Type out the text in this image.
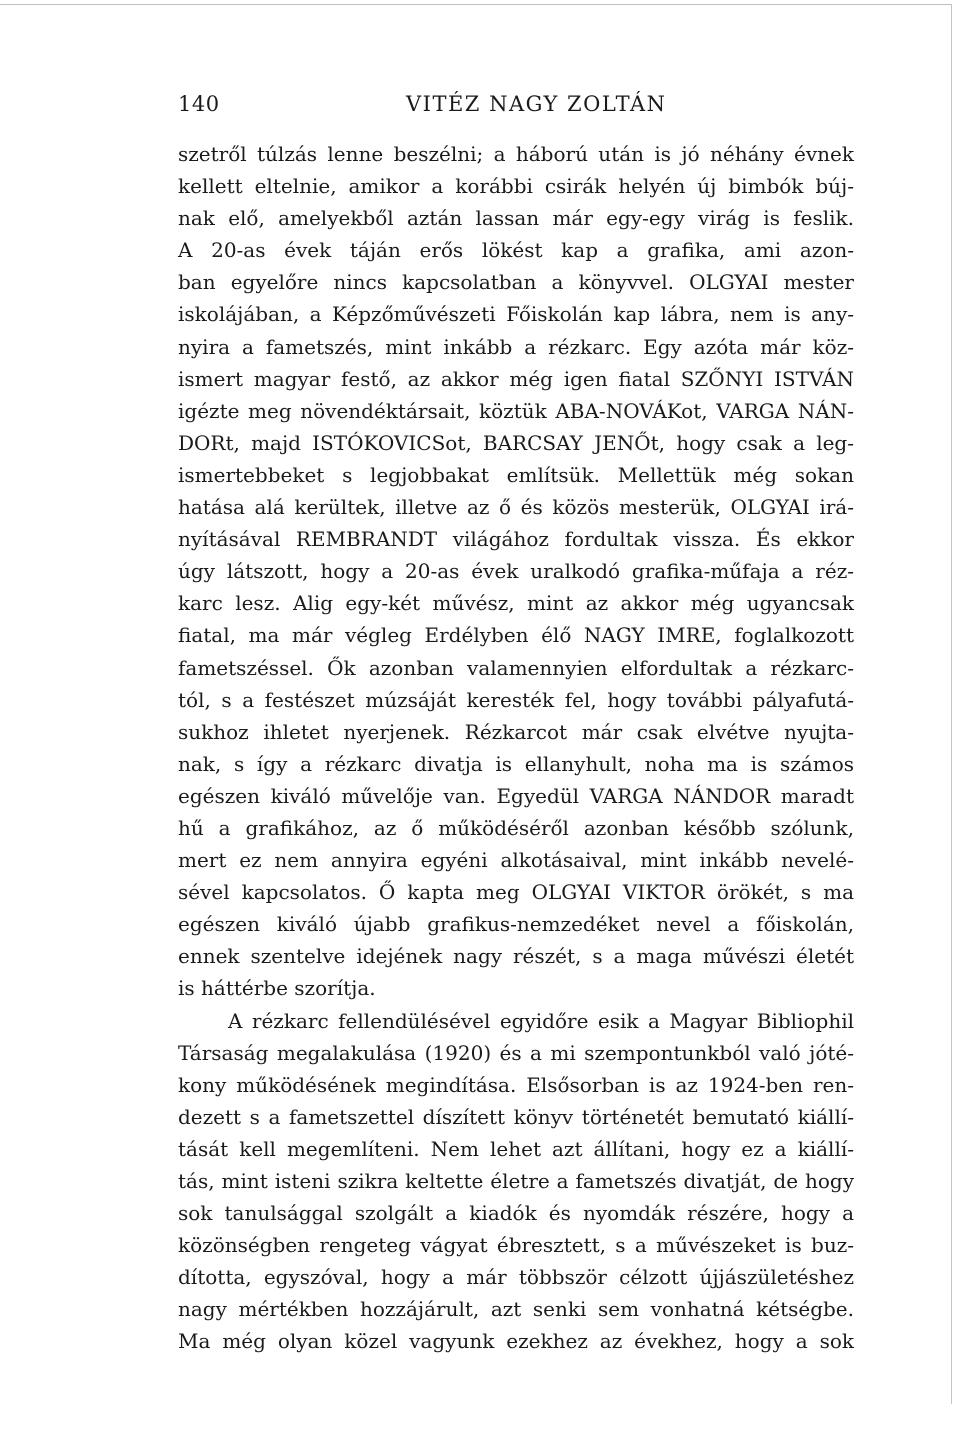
140	VITÉZ NAGY ZOLTÁN
szetről túlzás lenne beszélni; a háború után is jó néhány évnek
kellett eltelnie, amikor a korábbi csirák helyén új bimbók búj-
nak elő, amelyekből aztán lassan már egy-egy virág is feslik.
A 20-as évek táján erős lökést kap a grafika, ami azon-
ban egyelőre nincs kapcsolatban a könyvvel. OLGYAI mester
iskolájában, a Képzőművészeti Főiskolán kap lábra, nem is any-
nyira a fametszés, mint inkább a rézkarc. Egy azóta már köz-
ismert magyar festő, az akkor még igen fiatal SZŐNYI ISTVÁN
igézte meg növendéktársait, köztük ABA-NOVÁKot, VARGA NÁN-
DORt, majd ISTÓKOVICSot, BARCSAY JENŐt, hogy csak a leg-
ismertebbeket s legjobbakat említsük. Mellettük még sokan
hatása alá kerültek, illetve az ő és közös mesterük, OLGYAI irá-
nyításával REMBRANDT világához fordultak vissza. És ekkor
úgy látszott, hogy a 20-as évek uralkodó grafika-műfaja a réz-
karc lesz. Alig egy-két művész, mint az akkor még ugyancsak
fiatal, ma már végleg Erdélyben élő NAGY IMRE, foglalkozott
fametszéssel. Ők azonban valamennyien elfordultak a rézkarc-
tól, s a festészet múzsáját keresték fel, hogy további pályafutá-
sukhoz ihletet nyerjenek. Rézkarcot már csak elvétve nyujta-
nak, s így a rézkarc divatja is ellanyhult, noha ma is számos
egészen kiváló művelője van. Egyedül VARGA NÁNDOR maradt
hű a grafikához, az ő működéséről azonban később szólunk,
mert ez nem annyira egyéni alkotásaival, mint inkább nevelé-
sével kapcsolatos. Ő kapta meg OLGYAI VIKTOR örökét, s ma
egészen kiváló újabb grafikus-nemzedéket nevel a főiskolán,
ennek szentelve idejének nagy részét, s a maga művészi életét
is háttérbe szorítja.
A rézkarc fellendülésével egyidőre esik a Magyar Bibliophil
Társaság megalakulása (1920) és a mi szempontunkból való jóté-
kony működésének megindítása. Elsősorban is az 1924-ben ren-
dezett s a fametszettel díszített könyv történetét bemutató kiállí-
tását kell megemlíteni. Nem lehet azt állítani, hogy ez a kiállí-
tás, mint isteni szikra keltette életre a fametszés divatját, de hogy
sok tanulsággal szolgált a kiadók és nyomdák részére, hogy a
közönségben rengeteg vágyat ébresztett, s a művészeket is buz-
dította, egyszóval, hogy a már többször célzott újjászületéshez
nagy mértékben hozzájárult, azt senki sem vonhatná kétségbe.
Ma még olyan közel vagyunk ezekhez az évekhez, hogy a sok
